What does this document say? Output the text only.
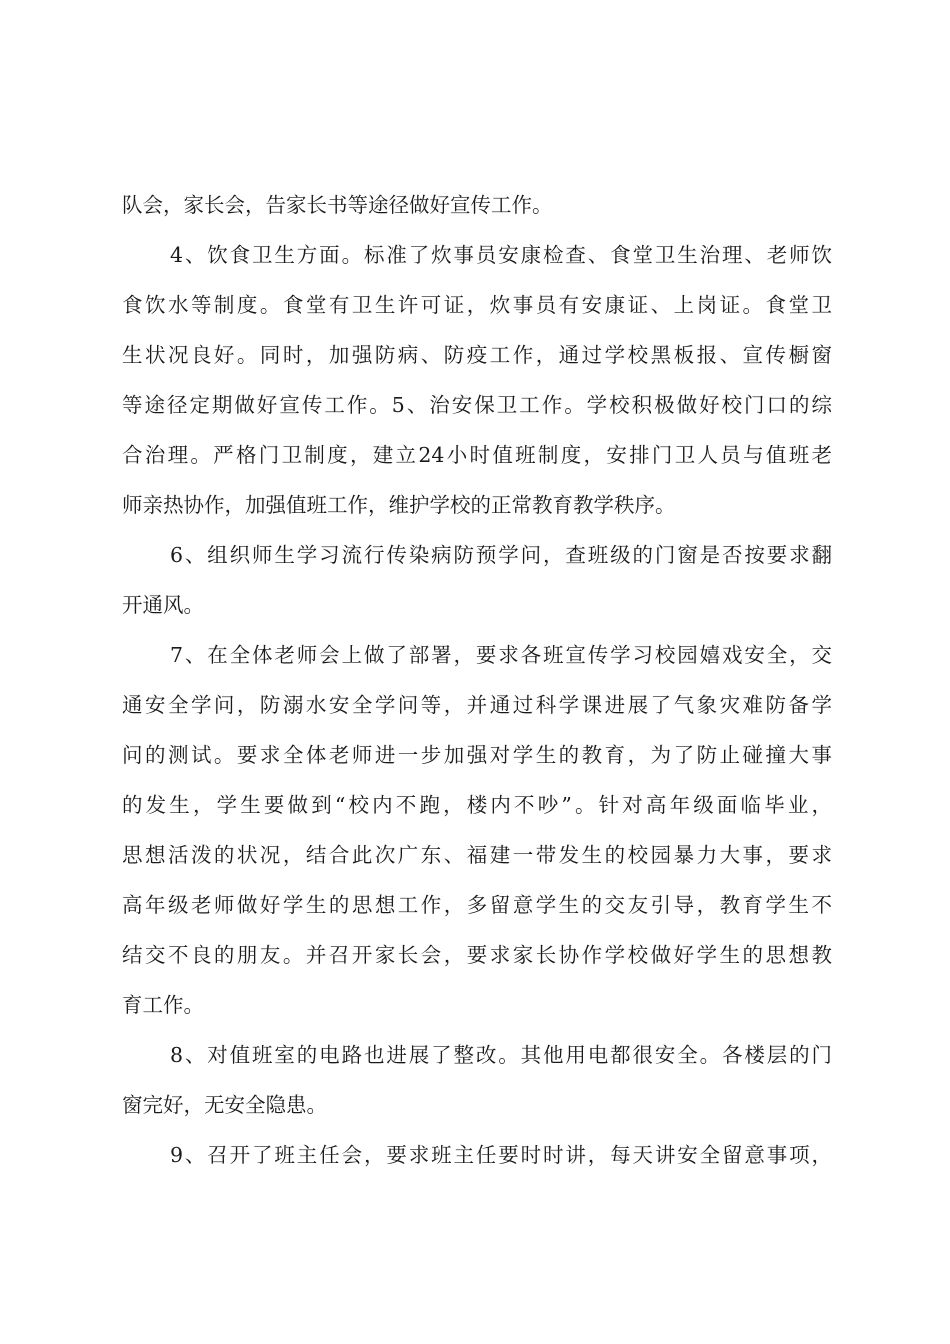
队会，家长会，告家长书等途径做好宣传工作。
4、饮食卫生方面。标准了炊事员安康检查、食堂卫生治理、老师饮
食饮水等制度。食堂有卫生许可证，炊事员有安康证、上岗证。食堂卫
生状况良好。同时，加强防病、防疫工作，通过学校黑板报、宣传橱窗
等途径定期做好宣传工作。5、治安保卫工作。学校积极做好校门口的综
合治理。严格门卫制度，建立24小时值班制度，安排门卫人员与值班老
师亲热协作，加强值班工作，维护学校的正常教育教学秩序。
6、组织师生学习流行传染病防预学问，查班级的门窗是否按要求翻
开通风。
7、在全体老师会上做了部署，要求各班宣传学习校园嬉戏安全，交
通安全学问，防溺水安全学问等，并通过科学课进展了气象灾难防备学
问的测试。要求全体老师进一步加强对学生的教育，为了防止碰撞大事
的发生，学生要做到“校内不跑，楼内不吵”。针对高年级面临毕业，
思想活泼的状况，结合此次广东、福建一带发生的校园暴力大事，要求
高年级老师做好学生的思想工作，多留意学生的交友引导，教育学生不
结交不良的朋友。并召开家长会，要求家长协作学校做好学生的思想教
育工作。
8、对值班室的电路也进展了整改。其他用电都很安全。各楼层的门
窗完好，无安全隐患。
9、召开了班主任会，要求班主任要时时讲，每天讲安全留意事项，
